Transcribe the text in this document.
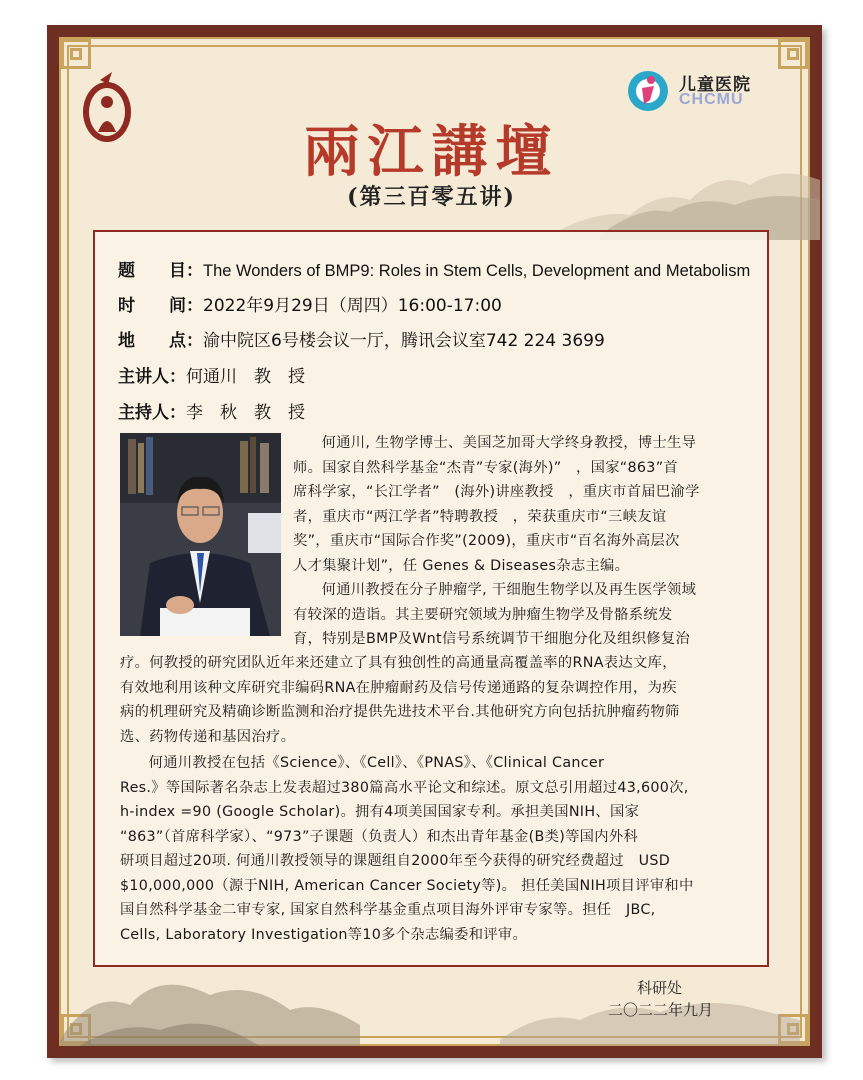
儿童医院
CHCMU
兩江講壇
(第三百零五讲)
题　　目：The Wonders of BMP9: Roles in Stem Cells, Development and Metabolism
时　　间：2022年9月29日（周四）16:00-17:00
地　　点：渝中院区6号楼会议一厅，腾讯会议室742 224 3699
主讲人：何通川　教　授
主持人：李　秋　教　授
何通川, 生物学博士、美国芝加哥大学终身教授，博士生导
师。国家自然科学基金“杰青”专家(海外)”　，国家“863”首
席科学家，“长江学者”　(海外)讲座教授　，重庆市首届巴渝学
者，重庆市“两江学者”特聘教授　，荣获重庆市“三峡友谊
奖”，重庆市“国际合作奖”(2009)，重庆市“百名海外高层次
人才集聚计划”，任 Genes & Diseases杂志主编。
何通川教授在分子肿瘤学, 干细胞生物学以及再生医学领域
有较深的造诣。其主要研究领域为肿瘤生物学及骨骼系统发
育，特别是BMP及Wnt信号系统调节干细胞分化及组织修复治
疗。何教授的研究团队近年来还建立了具有独创性的高通量高覆盖率的RNA表达文库，
有效地利用该种文库研究非编码RNA在肿瘤耐药及信号传递通路的复杂调控作用，为疾
病的机理研究及精确诊断监测和治疗提供先进技术平台.其他研究方向包括抗肿瘤药物筛
选、药物传递和基因治疗。
何通川教授在包括《Science》、《Cell》、《PNAS》、《Clinical Cancer
Res.》等国际著名杂志上发表超过380篇高水平论文和综述。原文总引用超过43,600次,
h-index =90 (Google Scholar)。拥有4项美国国家专利。承担美国NIH、国家
“863”（首席科学家）、“973”子课题（负责人）和杰出青年基金(B类)等国内外科
研项目超过20项. 何通川教授领导的课题组自2000年至今获得的研究经费超过　USD
$10,000,000（源于NIH, American Cancer Society等)。 担任美国NIH项目评审和中
国自然科学基金二审专家, 国家自然科学基金重点项目海外评审专家等。担任　JBC,
Cells, Laboratory Investigation等10多个杂志编委和评审。
科研处
二〇二二年九月
